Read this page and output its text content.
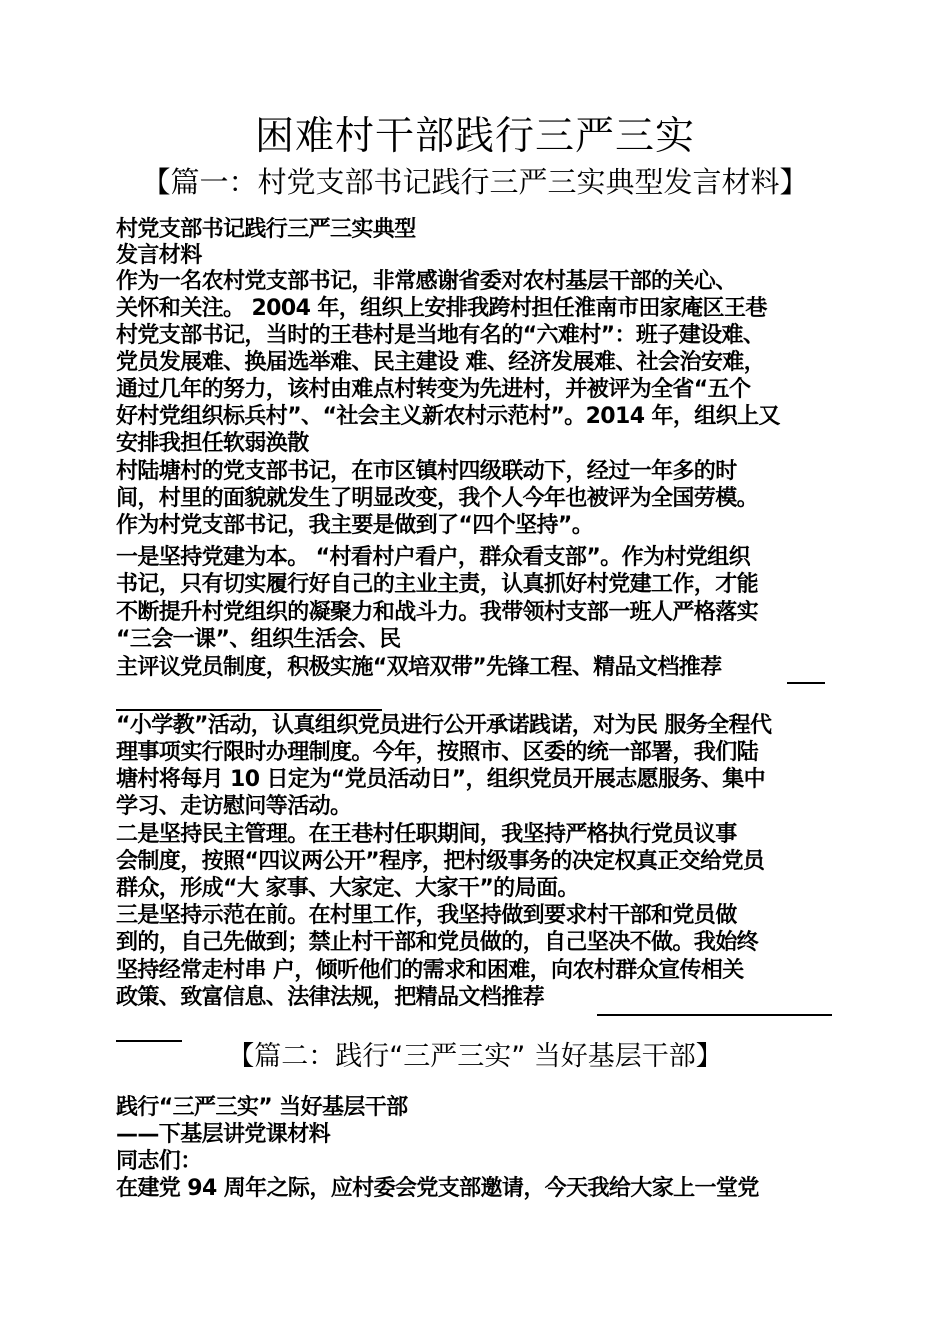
困难村干部践行三严三实
【篇一：村党支部书记践行三严三实典型发言材料】
村党支部书记践行三严三实典型
发言材料
作为一名农村党支部书记，非常感谢省委对农村基层干部的关心、
关怀和关注。 2004 年，组织上安排我跨村担任淮南市田家庵区王巷
村党支部书记，当时的王巷村是当地有名的“六难村”：班子建设难、
党员发展难、换届选举难、民主建设 难、经济发展难、社会治安难，
通过几年的努力，该村由难点村转变为先进村，并被评为全省“五个
好村党组织标兵村”、“社会主义新农村示范村”。2014 年，组织上又
安排我担任软弱涣散
村陆塘村的党支部书记，在市区镇村四级联动下，经过一年多的时
间，村里的面貌就发生了明显改变，我个人今年也被评为全国劳模。
作为村党支部书记，我主要是做到了“四个坚持”。
一是坚持党建为本。 “村看村户看户，群众看支部”。作为村党组织
书记，只有切实履行好自己的主业主责，认真抓好村党建工作，才能
不断提升村党组织的凝聚力和战斗力。我带领村支部一班人严格落实
“三会一课”、组织生活会、民
主评议党员制度，积极实施“双培双带”先锋工程、精品文档推荐
“小学教”活动，认真组织党员进行公开承诺践诺，对为民 服务全程代
理事项实行限时办理制度。今年，按照市、区委的统一部署，我们陆
塘村将每月 10 日定为“党员活动日”，组织党员开展志愿服务、集中
学习、走访慰问等活动。
二是坚持民主管理。在王巷村任职期间，我坚持严格执行党员议事
会制度，按照“四议两公开”程序，把村级事务的决定权真正交给党员
群众，形成“大 家事、大家定、大家干”的局面。
三是坚持示范在前。在村里工作，我坚持做到要求村干部和党员做
到的，自己先做到；禁止村干部和党员做的，自己坚决不做。我始终
坚持经常走村串 户，倾听他们的需求和困难，向农村群众宣传相关
政策、致富信息、法律法规，把精品文档推荐
【篇二：践行“三严三实” 当好基层干部】
践行“三严三实” 当好基层干部
——下基层讲党课材料
同志们：
在建党 94 周年之际，应村委会党支部邀请，今天我给大家上一堂党
